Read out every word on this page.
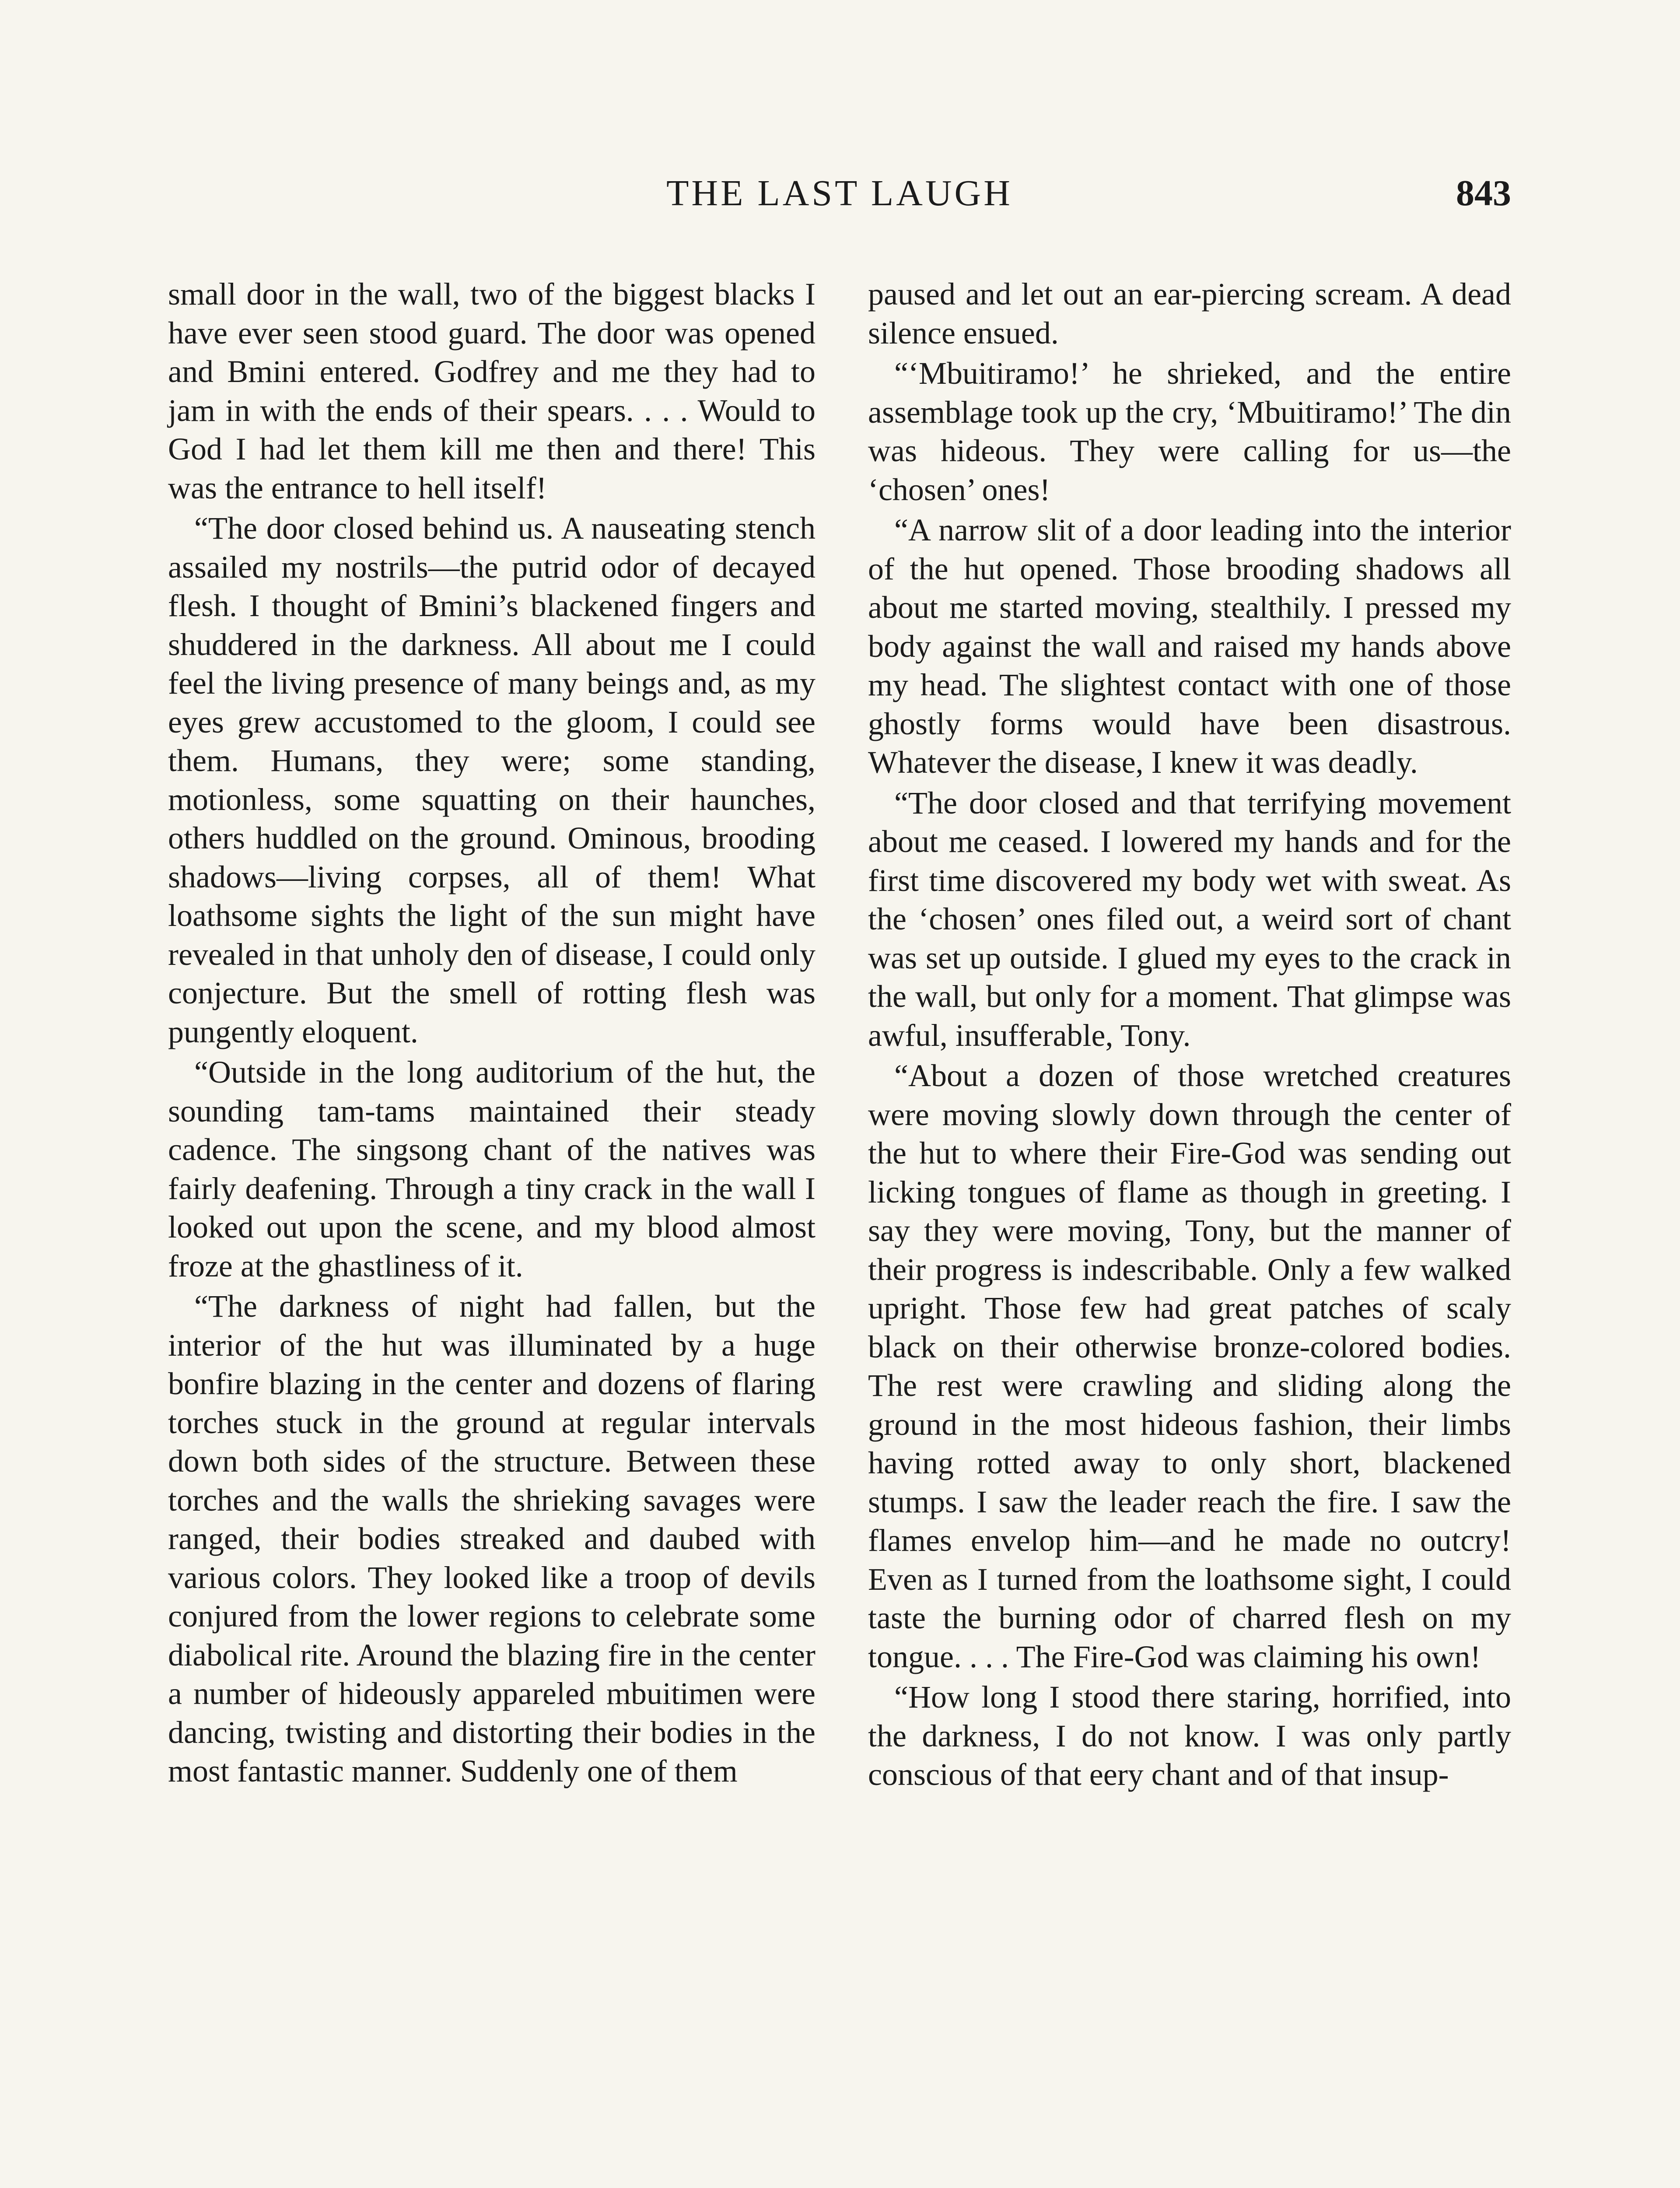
THE LAST LAUGH	843

small door in the wall, two of the biggest blacks I have ever seen stood guard. The door was opened and Bmini entered. Godfrey and me they had to jam in with the ends of their spears. . . . Would to God I had let them kill me then and there! This was the entrance to hell itself!

“The door closed behind us. A nauseating stench assailed my nostrils—the putrid odor of decayed flesh. I thought of Bmini’s blackened fingers and shuddered in the darkness. All about me I could feel the living presence of many beings and, as my eyes grew accustomed to the gloom, I could see them. Humans, they were; some standing, motionless, some squatting on their haunches, others huddled on the ground. Ominous, brooding shadows—living corpses, all of them! What loathsome sights the light of the sun might have revealed in that unholy den of disease, I could only conjecture. But the smell of rotting flesh was pungently eloquent.

“Outside in the long auditorium of the hut, the sounding tam-tams maintained their steady cadence. The singsong chant of the natives was fairly deafening. Through a tiny crack in the wall I looked out upon the scene, and my blood almost froze at the ghastliness of it.

“The darkness of night had fallen, but the interior of the hut was illuminated by a huge bonfire blazing in the center and dozens of flaring torches stuck in the ground at regular intervals down both sides of the structure. Between these torches and the walls the shrieking savages were ranged, their bodies streaked and daubed with various colors. They looked like a troop of devils conjured from the lower regions to celebrate some diabolical rite. Around the blazing fire in the center a number of hideously appareled mbuitimen were dancing, twisting and distorting their bodies in the most fantastic manner. Suddenly one of them

paused and let out an ear-piercing scream. A dead silence ensued.

“‘Mbuitiramo!’ he shrieked, and the entire assemblage took up the cry, ‘Mbuitiramo!’ The din was hideous. They were calling for us—the ‘chosen’ ones!

“A narrow slit of a door leading into the interior of the hut opened. Those brooding shadows all about me started moving, stealthily. I pressed my body against the wall and raised my hands above my head. The slightest contact with one of those ghostly forms would have been disastrous. Whatever the disease, I knew it was deadly.

“The door closed and that terrifying movement about me ceased. I lowered my hands and for the first time discovered my body wet with sweat. As the ‘chosen’ ones filed out, a weird sort of chant was set up outside. I glued my eyes to the crack in the wall, but only for a moment. That glimpse was awful, insufferable, Tony.

“About a dozen of those wretched creatures were moving slowly down through the center of the hut to where their Fire-God was sending out licking tongues of flame as though in greeting. I say they were moving, Tony, but the manner of their progress is indescribable. Only a few walked upright. Those few had great patches of scaly black on their otherwise bronze-colored bodies. The rest were crawling and sliding along the ground in the most hideous fashion, their limbs having rotted away to only short, blackened stumps. I saw the leader reach the fire. I saw the flames envelop him—and he made no outcry! Even as I turned from the loathsome sight, I could taste the burning odor of charred flesh on my tongue. . . . The Fire-God was claiming his own!

“How long I stood there staring, horrified, into the darkness, I do not know. I was only partly conscious of that eery chant and of that insup-
